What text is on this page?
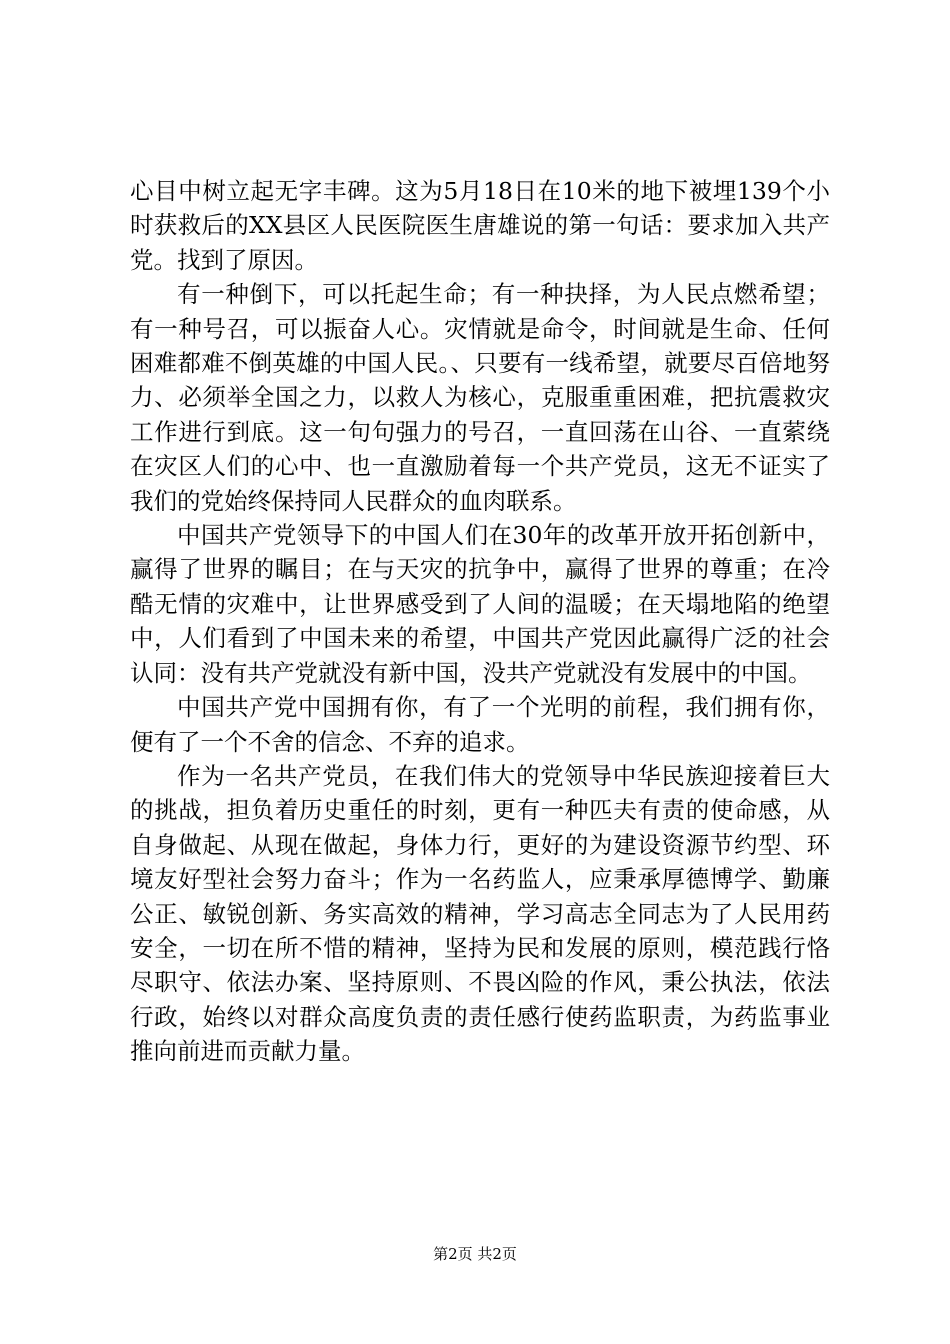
心目中树立起无字丰碑。这为5月18日在10米的地下被埋139个小时获救后的XX县区人民医院医生唐雄说的第一句话：要求加入共产党。找到了原因。

有一种倒下，可以托起生命；有一种抉择，为人民点燃希望；有一种号召，可以振奋人心。灾情就是命令，时间就是生命、任何困难都难不倒英雄的中国人民。、只要有一线希望，就要尽百倍地努力、必须举全国之力，以救人为核心，克服重重困难，把抗震救灾工作进行到底。这一句句强力的号召，一直回荡在山谷、一直萦绕在灾区人们的心中、也一直激励着每一个共产党员，这无不证实了我们的党始终保持同人民群众的血肉联系。

中国共产党领导下的中国人们在30年的改革开放开拓创新中，赢得了世界的瞩目；在与天灾的抗争中，赢得了世界的尊重；在冷酷无情的灾难中，让世界感受到了人间的温暖；在天塌地陷的绝望中，人们看到了中国未来的希望，中国共产党因此赢得广泛的社会认同：没有共产党就没有新中国，没共产党就没有发展中的中国。

中国共产党中国拥有你，有了一个光明的前程，我们拥有你，便有了一个不舍的信念、不弃的追求。

作为一名共产党员，在我们伟大的党领导中华民族迎接着巨大的挑战，担负着历史重任的时刻，更有一种匹夫有责的使命感，从自身做起、从现在做起，身体力行，更好的为建设资源节约型、环境友好型社会努力奋斗；作为一名药监人，应秉承厚德博学、勤廉公正、敏锐创新、务实高效的精神，学习高志全同志为了人民用药安全，一切在所不惜的精神，坚持为民和发展的原则，模范践行恪尽职守、依法办案、坚持原则、不畏凶险的作风，秉公执法，依法行政，始终以对群众高度负责的责任感行使药监职责，为药监事业推向前进而贡献力量。

第2页 共2页
